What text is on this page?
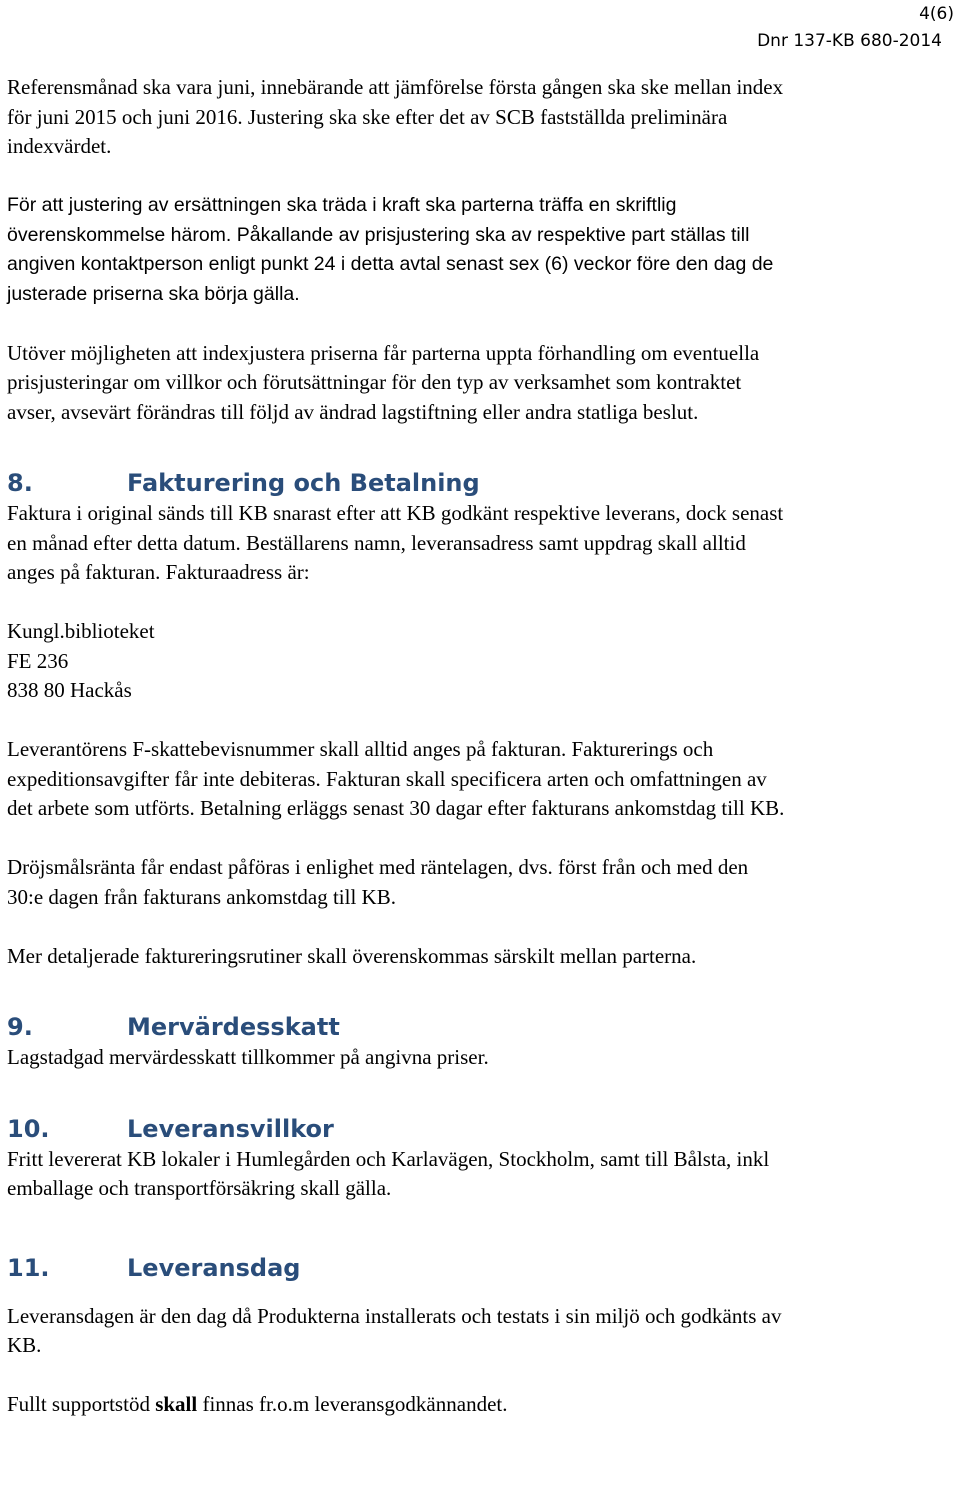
4(6)
Dnr 137-KB 680-2014

Referensmånad ska vara juni, innebärande att jämförelse första gången ska ske mellan index

för juni 2015 och juni 2016. Justering ska ske efter det av SCB fastställda preliminära

indexvärdet.

För att justering av ersättningen ska träda i kraft ska parterna träffa en skriftlig

överenskommelse härom. Påkallande av prisjustering ska av respektive part ställas till

angiven kontaktperson enligt punkt 24 i detta avtal senast sex (6) veckor före den dag de

justerade priserna ska börja gälla.

Utöver möjligheten att indexjustera priserna får parterna uppta förhandling om eventuella

prisjusteringar om villkor och förutsättningar för den typ av verksamhet som kontraktet

avser, avsevärt förändras till följd av ändrad lagstiftning eller andra statliga beslut.

8.	Fakturering och Betalning

Faktura i original sänds till KB snarast efter att KB godkänt respektive leverans, dock senast

en månad efter detta datum. Beställarens namn, leveransadress samt uppdrag skall alltid

anges på fakturan. Fakturaadress är:

Kungl.biblioteket

FE 236

838 80 Hackås

Leverantörens F-skattebevisnummer skall alltid anges på fakturan. Fakturerings och

expeditionsavgifter får inte debiteras. Fakturan skall specificera arten och omfattningen av

det arbete som utförts. Betalning erläggs senast 30 dagar efter fakturans ankomstdag till KB.

Dröjsmålsränta får endast påföras i enlighet med räntelagen, dvs. först från och med den

30:e dagen från fakturans ankomstdag till KB.

Mer detaljerade faktureringsrutiner skall överenskommas särskilt mellan parterna.

9.	Mervärdesskatt

Lagstadgad mervärdesskatt tillkommer på angivna priser.

10.	Leveransvillkor

Fritt levererat KB lokaler i Humlegården och Karlavägen, Stockholm, samt till Bålsta, inkl

emballage och transportförsäkring skall gälla.

11.	Leveransdag

Leveransdagen är den dag då Produkterna installerats och testats i sin miljö och godkänts av

KB.

Fullt supportstöd skall finnas fr.o.m leveransgodkännandet.
